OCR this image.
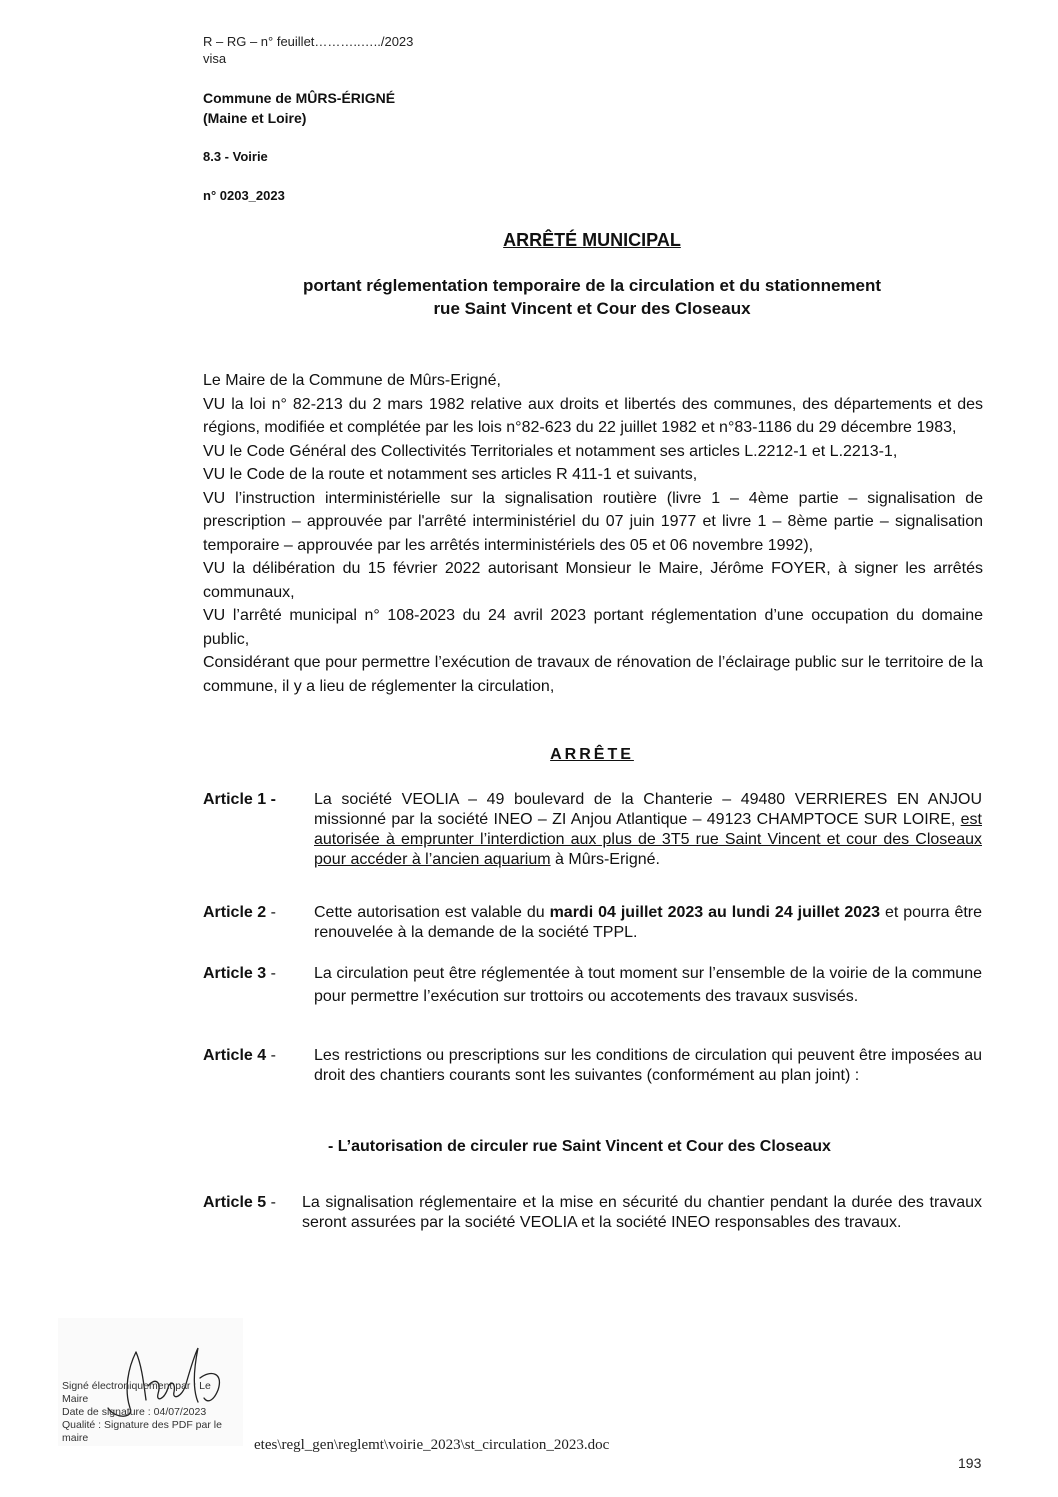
R – RG – n° feuillet………..…../2023
visa
Commune de MÛRS-ÉRIGNÉ
(Maine et Loire)
8.3 - Voirie
n° 0203_2023
ARRÊTÉ MUNICIPAL
portant réglementation temporaire de la circulation et du stationnement
rue Saint Vincent et Cour des Closeaux

Le Maire de la Commune de Mûrs-Erigné,

VU la loi n° 82-213 du 2 mars 1982 relative aux droits et libertés des communes, des départements et des régions, modifiée et complétée par les lois n°82-623 du 22 juillet 1982 et n°83-1186 du 29 décembre 1983,

VU le Code Général des Collectivités Territoriales et notamment ses articles L.2212-1 et L.2213-1,

VU le Code de la route et notamment ses articles R 411-1 et suivants,

VU l’instruction interministérielle sur la signalisation routière (livre 1 – 4ème partie – signalisation de prescription – approuvée par l'arrêté interministériel du 07 juin 1977 et livre 1 – 8ème partie – signalisation temporaire – approuvée par les arrêtés interministériels des 05 et 06 novembre 1992),

VU la délibération du 15 février 2022 autorisant Monsieur le Maire, Jérôme FOYER, à signer les arrêtés communaux,

VU l’arrêté municipal n° 108-2023 du 24 avril 2023 portant réglementation d’une occupation du domaine public,

Considérant que pour permettre l’exécution de travaux de rénovation de l’éclairage public sur le territoire de la commune, il y a lieu de réglementer la circulation,

ARRÊTE
Article 1 - La société VEOLIA – 49 boulevard de la Chanterie – 49480 VERRIERES EN ANJOU missionné par la société INEO – ZI Anjou Atlantique – 49123 CHAMPTOCE SUR LOIRE, est autorisée à emprunter l’interdiction aux plus de 3T5 rue Saint Vincent et cour des Closeaux pour accéder à l’ancien aquarium à Mûrs-Erigné.
Article 2 - Cette autorisation est valable du mardi 04 juillet 2023 au lundi 24 juillet 2023 et pourra être renouvelée à la demande de la société TPPL.
Article 3 - La circulation peut être réglementée à tout moment sur l’ensemble de la voirie de la commune pour permettre l’exécution sur trottoirs ou accotements des travaux susvisés.
Article 4 - Les restrictions ou prescriptions sur les conditions de circulation qui peuvent être imposées au droit des chantiers courants sont les suivantes (conformément au plan joint) :
- L’autorisation de circuler rue Saint Vincent et Cour des Closeaux
Article 5 - La signalisation réglementaire et la mise en sécurité du chantier pendant la durée des travaux seront assurées par la société VEOLIA et la société INEO responsables des travaux.
Signé électroniquement par : Le Maire
Date de signature : 04/07/2023
Qualité : Signature des PDF par le maire	etes\regl_gen\reglemt\voirie_2023\st_circulation_2023.doc
193
